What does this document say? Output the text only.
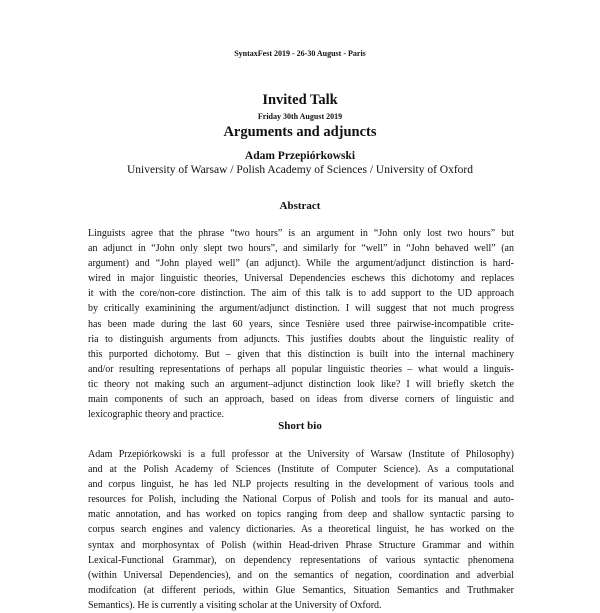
SyntaxFest 2019 - 26-30 August - Paris
Invited Talk
Friday 30th August 2019
Arguments and adjuncts
Adam Przepiórkowski
University of Warsaw / Polish Academy of Sciences / University of Oxford
Abstract
Linguists agree that the phrase “two hours” is an argument in “John only lost two hours” but
an adjunct in “John only slept two hours”, and similarly for “well” in “John behaved well” (an
argument) and “John played well” (an adjunct). While the argument/adjunct distinction is hard-
wired in major linguistic theories, Universal Dependencies eschews this dichotomy and replaces
it with the core/non-core distinction. The aim of this talk is to add support to the UD approach
by critically examinining the argument/adjunct distinction. I will suggest that not much progress
has been made during the last 60 years, since Tesnière used three pairwise-incompatible crite-
ria to distinguish arguments from adjuncts. This justifies doubts about the linguistic reality of
this purported dichotomy. But – given that this distinction is built into the internal machinery
and/or resulting representations of perhaps all popular linguistic theories – what would a linguis-
tic theory not making such an argument–adjunct distinction look like? I will briefly sketch the
main components of such an approach, based on ideas from diverse corners of linguistic and
lexicographic theory and practice.
Short bio
Adam Przepiórkowski is a full professor at the University of Warsaw (Institute of Philosophy)
and at the Polish Academy of Sciences (Institute of Computer Science). As a computational
and corpus linguist, he has led NLP projects resulting in the development of various tools and
resources for Polish, including the National Corpus of Polish and tools for its manual and auto-
matic annotation, and has worked on topics ranging from deep and shallow syntactic parsing to
corpus search engines and valency dictionaries. As a theoretical linguist, he has worked on the
syntax and morphosyntax of Polish (within Head-driven Phrase Structure Grammar and within
Lexical-Functional Grammar), on dependency representations of various syntactic phenomena
(within Universal Dependencies), and on the semantics of negation, coordination and adverbial
modifcation (at different periods, within Glue Semantics, Situation Semantics and Truthmaker
Semantics). He is currently a visiting scholar at the University of Oxford.
